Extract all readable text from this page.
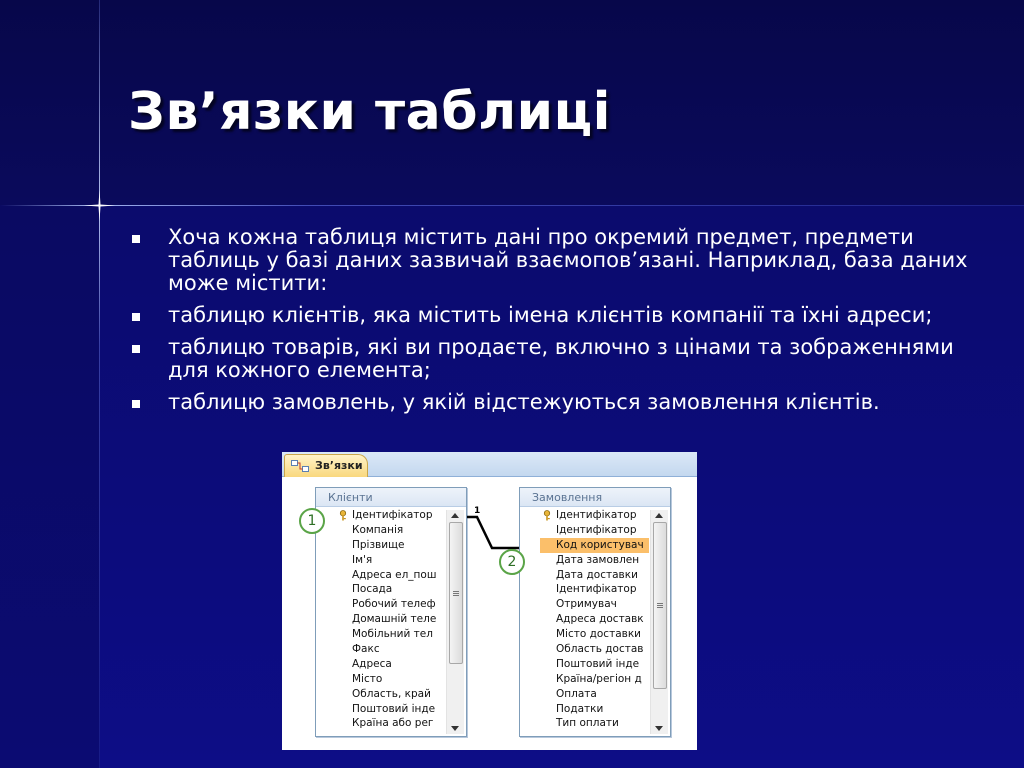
Зв’язки таблиці
Хоча кожна таблиця містить дані про окремий предмет, предмети таблиць у базі даних зазвичай взаємопов’язані. Наприклад, база даних може містити:
таблицю клієнтів, яка містить імена клієнтів компанії та їхні адреси;
таблицю товарів, які ви продаєте, включно з цінами та зображеннями для кожного елемента;
таблицю замовлень, у якій відстежуються замовлення клієнтів.
Зв’язки
Клієнти
Ідентифікатор
Компанія
Прізвище
Ім'я
Адреса ел_пош
Посада
Робочий телеф
Домашній теле
Мобільний тел
Факс
Адреса
Місто
Область, край
Поштовий інде
Країна або рег
Замовлення
Ідентифікатор
Ідентифікатор
Код користувач
Дата замовлен
Дата доставки
Ідентифікатор
Отримувач
Адреса доставк
Місто доставки
Область достав
Поштовий інде
Країна/регіон д
Оплата
Податки
Тип оплати
1
1
2
